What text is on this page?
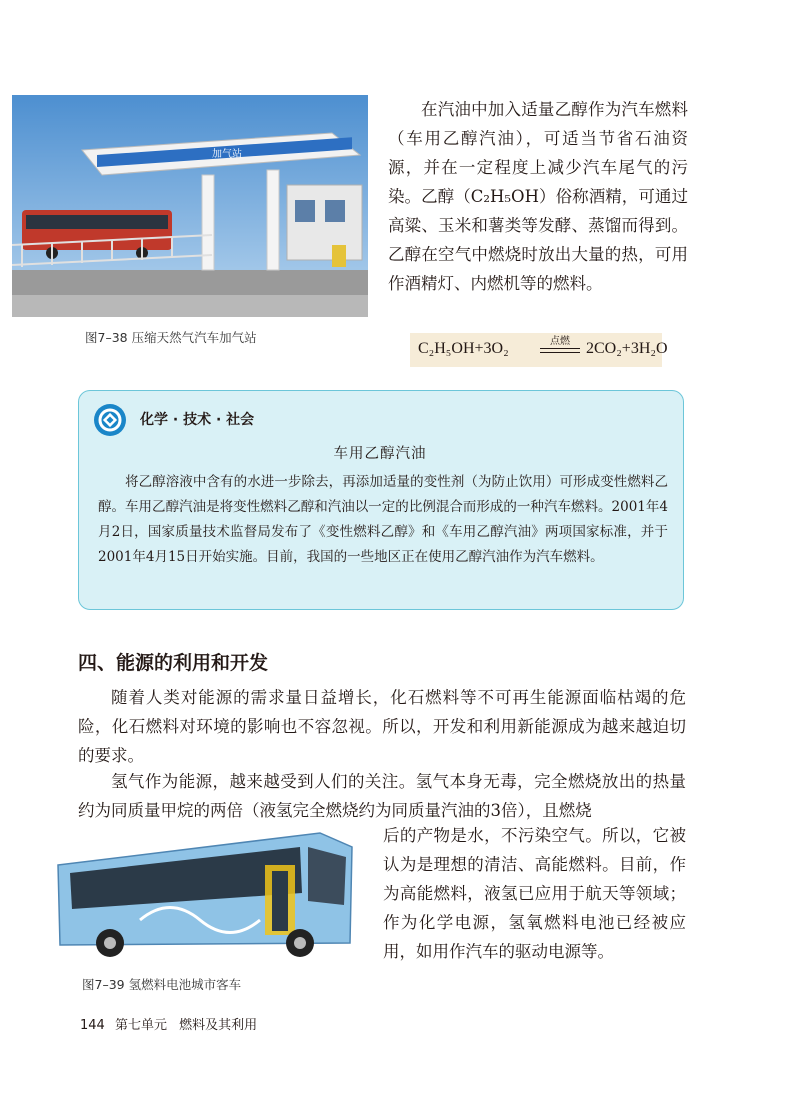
加气站
图7–38 压缩天然气汽车加气站
在汽油中加入适量乙醇作为汽车燃料（车用乙醇汽油），可适当节省石油资源，并在一定程度上减少汽车尾气的污染。乙醇（C₂H₅OH）俗称酒精，可通过高粱、玉米和薯类等发酵、蒸馏而得到。乙醇在空气中燃烧时放出大量的热，可用作酒精灯、内燃机等的燃料。
C₂H₅OH+3O₂	点燃	2CO₂+3H₂O
化学 · 技术 · 社会
车用乙醇汽油
将乙醇溶液中含有的水进一步除去，再添加适量的变性剂（为防止饮用）可形成变性燃料乙醇。车用乙醇汽油是将变性燃料乙醇和汽油以一定的比例混合而形成的一种汽车燃料。2001年4月2日，国家质量技术监督局发布了《变性燃料乙醇》和《车用乙醇汽油》两项国家标准，并于2001年4月15日开始实施。目前，我国的一些地区正在使用乙醇汽油作为汽车燃料。
四、能源的利用和开发
随着人类对能源的需求量日益增长，化石燃料等不可再生能源面临枯竭的危险，化石燃料对环境的影响也不容忽视。所以，开发和利用新能源成为越来越迫切的要求。
氢气作为能源，越来越受到人们的关注。氢气本身无毒，完全燃烧放出的热量约为同质量甲烷的两倍（液氢完全燃烧约为同质量汽油的3倍），且燃烧
后的产物是水，不污染空气。所以，它被认为是理想的清洁、高能燃料。目前，作为高能燃料，液氢已应用于航天等领域；作为化学电源，氢氧燃料电池已经被应用，如用作汽车的驱动电源等。
图7–39 氢燃料电池城市客车
144 第七单元 燃料及其利用
